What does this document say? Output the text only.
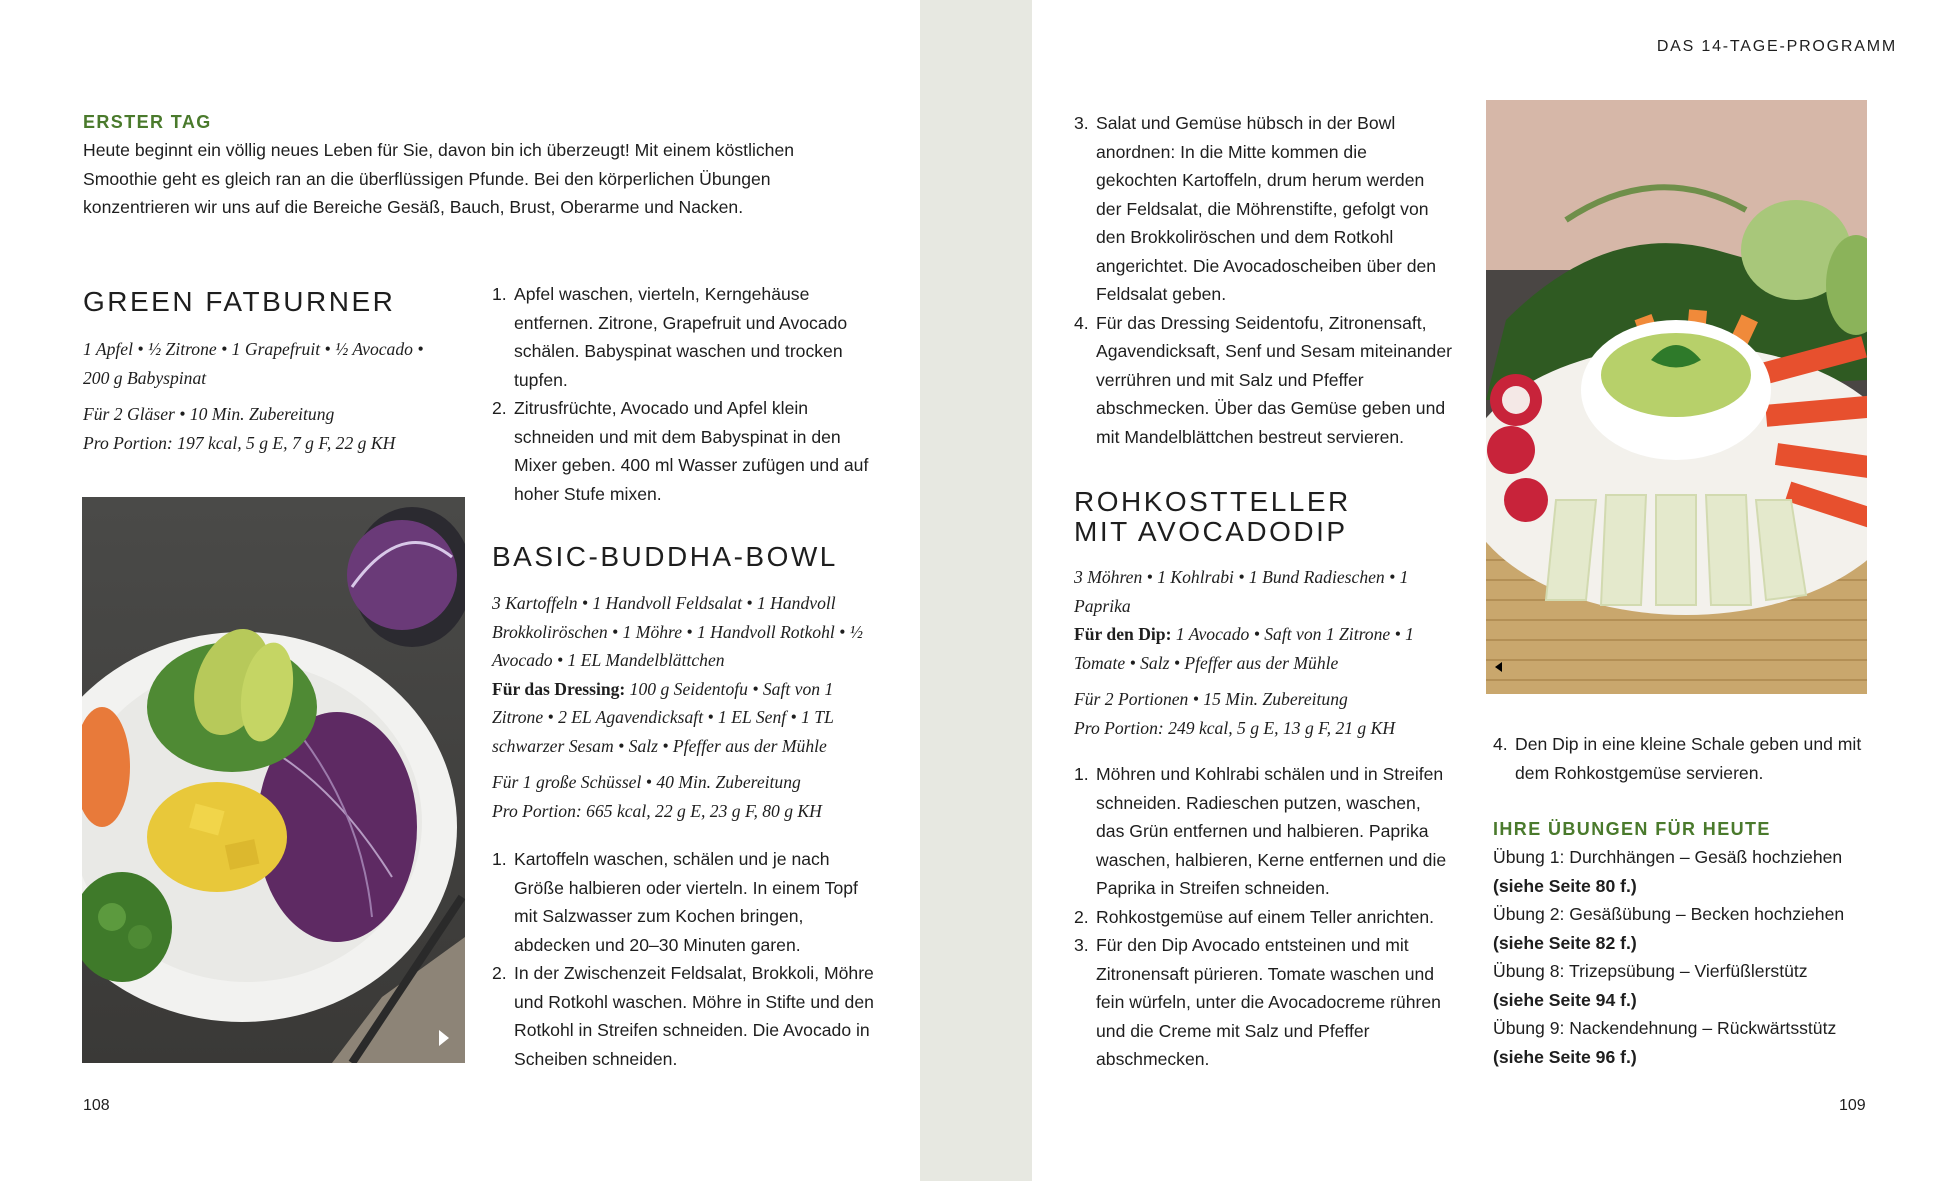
ERSTER TAG
Heute beginnt ein völlig neues Leben für Sie, davon bin ich überzeugt! Mit einem köstlichen Smoothie geht es gleich ran an die überflüssigen Pfunde. Bei den körperlichen Übungen konzentrieren wir uns auf die Bereiche Gesäß, Bauch, Brust, Oberarme und Nacken.
GREEN FATBURNER
1 Apfel • ½ Zitrone • 1 Grapefruit • ½ Avocado • 200 g Babyspinat
Für 2 Gläser • 10 Min. Zubereitung
Pro Portion: 197 kcal, 5 g E, 7 g F, 22 g KH
1. Apfel waschen, vierteln, Kerngehäuse entfernen. Zitrone, Grapefruit und Avocado schälen. Babyspinat waschen und trocken tupfen.
2. Zitrusfrüchte, Avocado und Apfel klein schneiden und mit dem Babyspinat in den Mixer geben. 400 ml Wasser zufügen und auf hoher Stufe mixen.
BASIC-BUDDHA-BOWL
3 Kartoffeln • 1 Handvoll Feldsalat • 1 Handvoll Brokkoliröschen • 1 Möhre • 1 Handvoll Rotkohl • ½ Avocado • 1 EL Mandelblättchen
Für das Dressing: 100 g Seidentofu • Saft von 1 Zitrone • 2 EL Agavendicksaft • 1 EL Senf • 1 TL schwarzer Sesam • Salz • Pfeffer aus der Mühle
Für 1 große Schüssel • 40 Min. Zubereitung
Pro Portion: 665 kcal, 22 g E, 23 g F, 80 g KH
1. Kartoffeln waschen, schälen und je nach Größe halbieren oder vierteln. In einem Topf mit Salzwasser zum Kochen bringen, abdecken und 20–30 Minuten garen.
2. In der Zwischenzeit Feldsalat, Brokkoli, Möhre und Rotkohl waschen. Möhre in Stifte und den Rotkohl in Streifen schneiden. Die Avocado in Scheiben schneiden.
108
DAS 14-TAGE-PROGRAMM
3. Salat und Gemüse hübsch in der Bowl anordnen: In die Mitte kommen die gekochten Kartoffeln, drum herum werden der Feldsalat, die Möhrenstifte, gefolgt von den Brokkoliröschen und dem Rotkohl angerichtet. Die Avocadoscheiben über den Feldsalat geben.
4. Für das Dressing Seidentofu, Zitronensaft, Agavendicksaft, Senf und Sesam miteinander verrühren und mit Salz und Pfeffer abschmecken. Über das Gemüse geben und mit Mandelblättchen bestreut servieren.
ROHKOSTTELLER
MIT AVOCADODIP
3 Möhren • 1 Kohlrabi • 1 Bund Radieschen • 1 Paprika
Für den Dip: 1 Avocado • Saft von 1 Zitrone • 1 Tomate • Salz • Pfeffer aus der Mühle
Für 2 Portionen • 15 Min. Zubereitung
Pro Portion: 249 kcal, 5 g E, 13 g F, 21 g KH
1. Möhren und Kohlrabi schälen und in Streifen schneiden. Radieschen putzen, waschen, das Grün entfernen und halbieren. Paprika waschen, halbieren, Kerne entfernen und die Paprika in Streifen schneiden.
2. Rohkostgemüse auf einem Teller anrichten.
3. Für den Dip Avocado entsteinen und mit Zitronensaft pürieren. Tomate waschen und fein würfeln, unter die Avocadocreme rühren und die Creme mit Salz und Pfeffer abschmecken.
4. Den Dip in eine kleine Schale geben und mit dem Rohkostgemüse servieren.
IHRE ÜBUNGEN FÜR HEUTE
Übung 1: Durchhängen – Gesäß hochziehen
(siehe Seite 80 f.)
Übung 2: Gesäßübung – Becken hochziehen
(siehe Seite 82 f.)
Übung 8: Trizepsübung – Vierfüßlerstütz
(siehe Seite 94 f.)
Übung 9: Nackendehnung – Rückwärtsstütz
(siehe Seite 96 f.)
109
